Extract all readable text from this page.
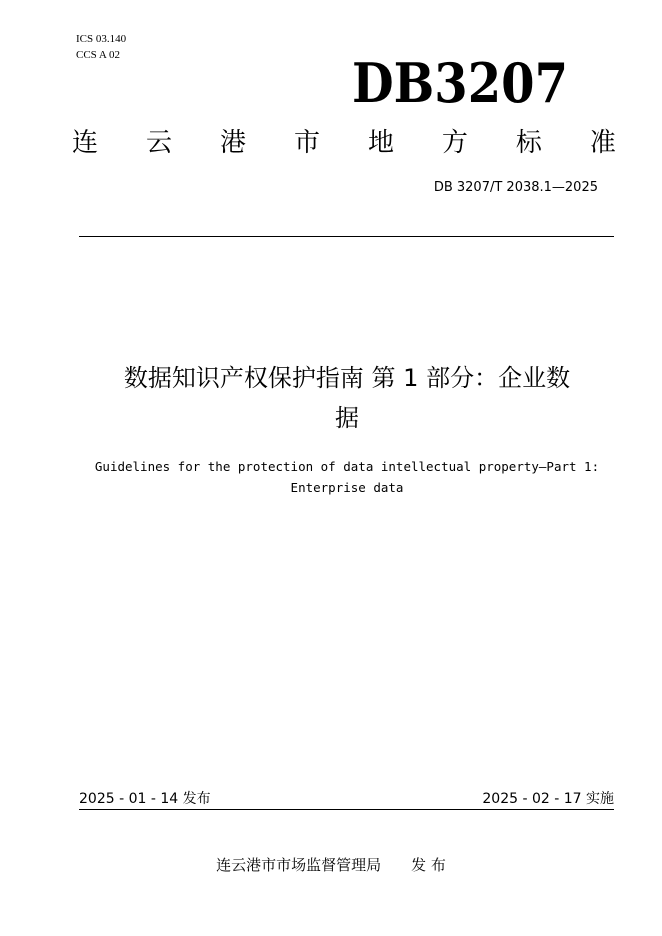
ICS 03.140
CCS A 02	DB3207
连 云 港 市 地 方 标 准
DB 3207/T 2038.1—2025
数据知识产权保护指南 第 1 部分：企业数
据
Guidelines for the protection of data intellectual property—Part 1:
Enterprise data
2025 - 01 - 14 发布	2025 - 02 - 17 实施
连云港市市场监督管理局 发 布
